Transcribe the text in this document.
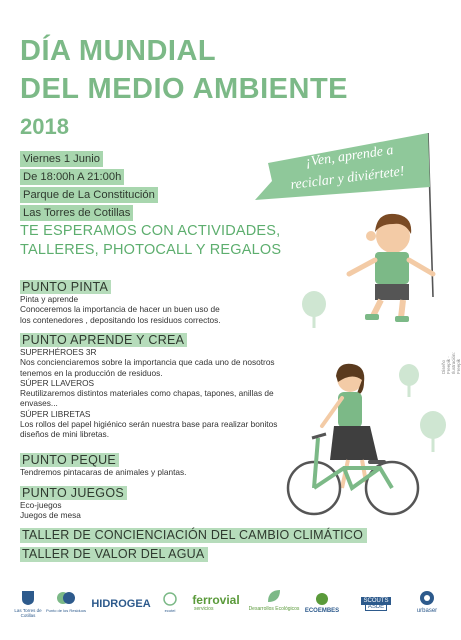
DÍA MUNDIAL
DEL MEDIO AMBIENTE
2018
Viernes 1 Junio
De 18:00h A 21:00h
Parque de La Constitución
Las Torres de Cotillas
¡Ven, aprende a
reciclar y diviértete!
TE ESPERAMOS CON ACTIVIDADES,
TALLERES, PHOTOCALL Y REGALOS
Diseño Freepik · Ilustración: Freepik
PUNTO PINTA
Pinta y aprende
Conoceremos la importancia de hacer un buen uso de
los contenedores , depositando los residuos correctos.
PUNTO APRENDE Y CREA
SUPERHÉROES 3R
Nos concienciaremos sobre la importancia que cada uno de nosotros
tenemos en la producción de residuos.
SÚPER LLAVEROS
Reutilizaremos distintos materiales como chapas, tapones, anillas de
envases...
SÚPER LIBRETAS
Los rollos del papel higiénico serán nuestra base para realizar bonitos
diseños de mini libretas.
PUNTO PEQUE
Tendremos pintacaras de animales y plantas.
PUNTO JUEGOS
Eco-juegos
Juegos de mesa
TALLER DE CONCIENCIACIÓN DEL CAMBIO CLIMÁTICO
TALLER DE VALOR DEL AGUA
Las Torres de Cotillas
Punto de los Residuos
HIDROGEA
ecotel
ferrovial
servicios	Desarrollos Ecológicos ECOEMBES
SCOUTS ASDE
urbaser
